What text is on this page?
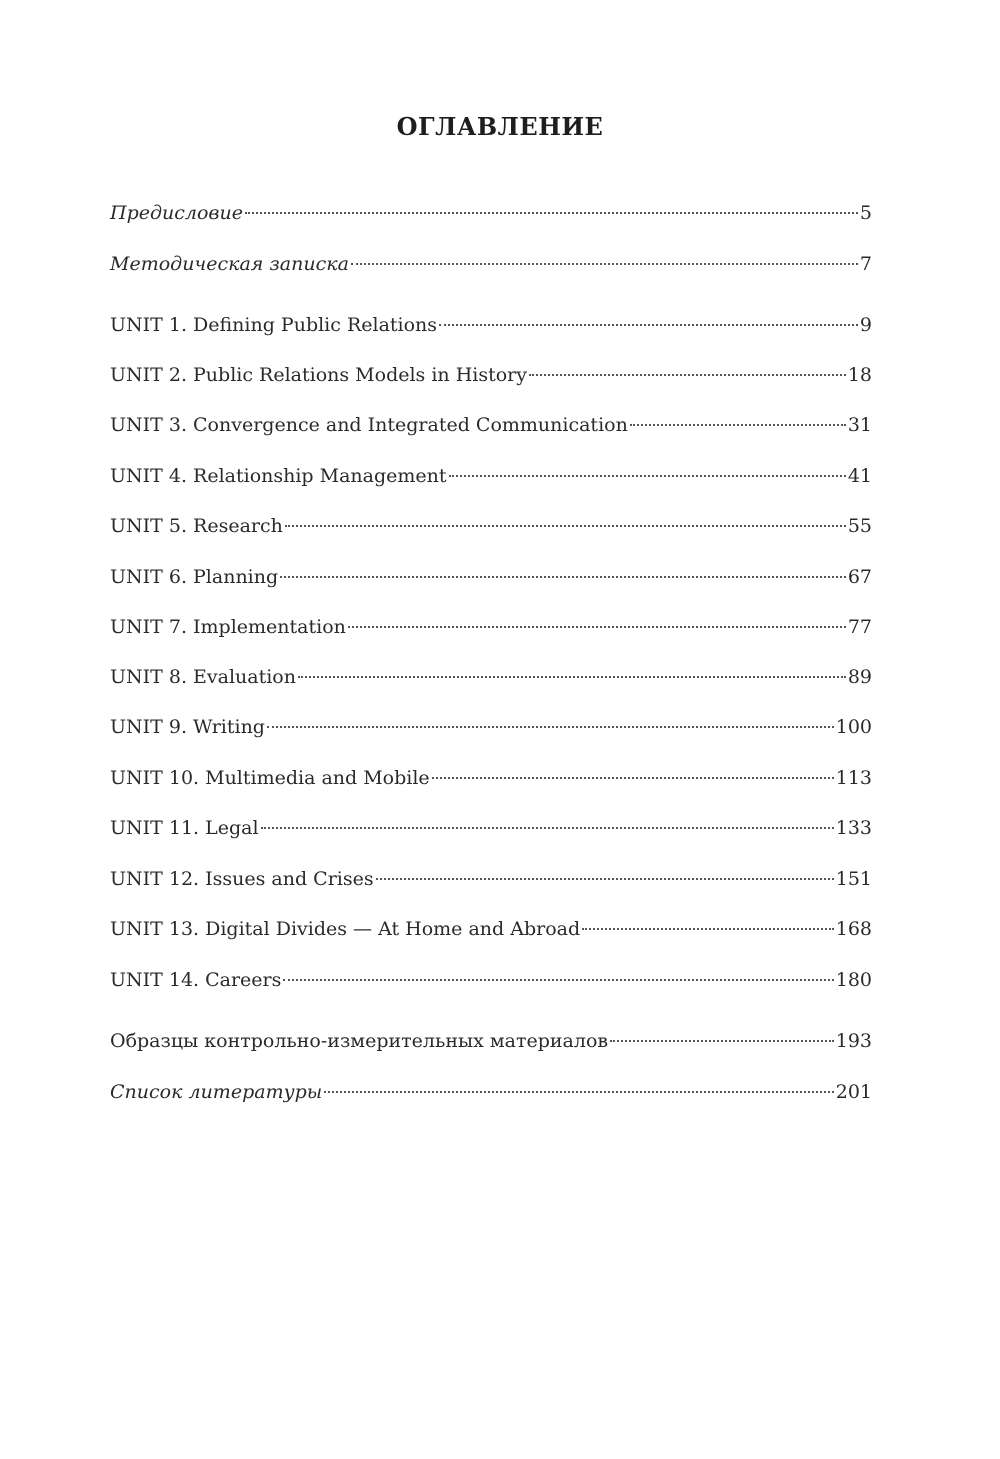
ОГЛАВЛЕНИЕ
Предисловие	5
Методическая записка	7
UNIT 1. Defining Public Relations	9
UNIT 2. Public Relations Models in History	18
UNIT 3. Convergence and Integrated Communication	31
UNIT 4. Relationship Management	41
UNIT 5. Research	55
UNIT 6. Planning	67
UNIT 7. Implementation	77
UNIT 8. Evaluation	89
UNIT 9. Writing	100
UNIT 10. Multimedia and Mobile	113
UNIT 11. Legal	133
UNIT 12. Issues and Crises	151
UNIT 13. Digital Divides — At Home and Abroad	168
UNIT 14. Careers	180
Образцы контрольно-измерительных материалов	193
Список литературы	201
